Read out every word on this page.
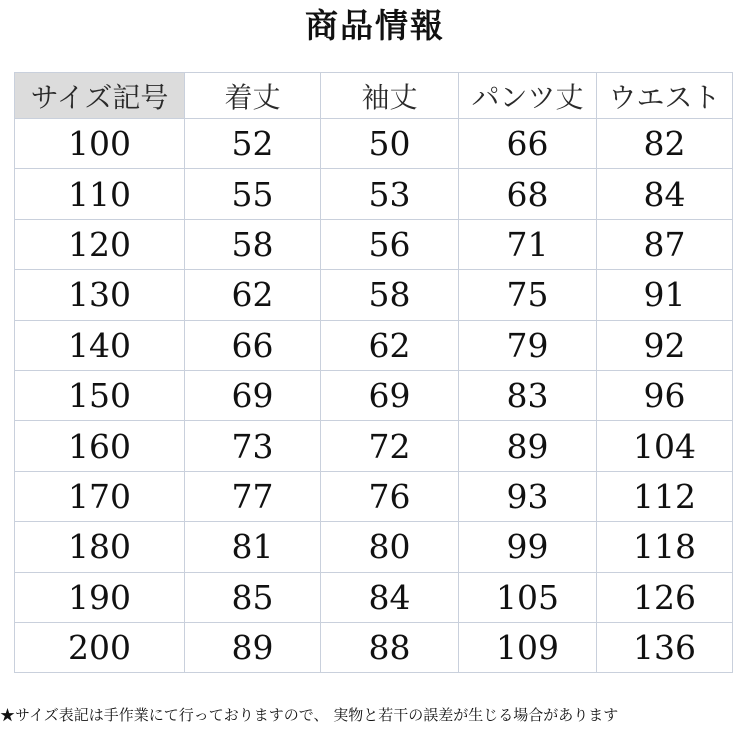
商品情報
サイズ記号	着丈	袖丈	パンツ丈	ウエスト
100	52	50	66	82
110	55	53	68	84
120	58	56	71	87
130	62	58	75	91
140	66	62	79	92
150	69	69	83	96
160	73	72	89	104
170	77	76	93	112
180	81	80	99	118
190	85	84	105	126
200	89	88	109	136
★サイズ表記は手作業にて行っておりますので、 実物と若干の誤差が生じる場合があります
